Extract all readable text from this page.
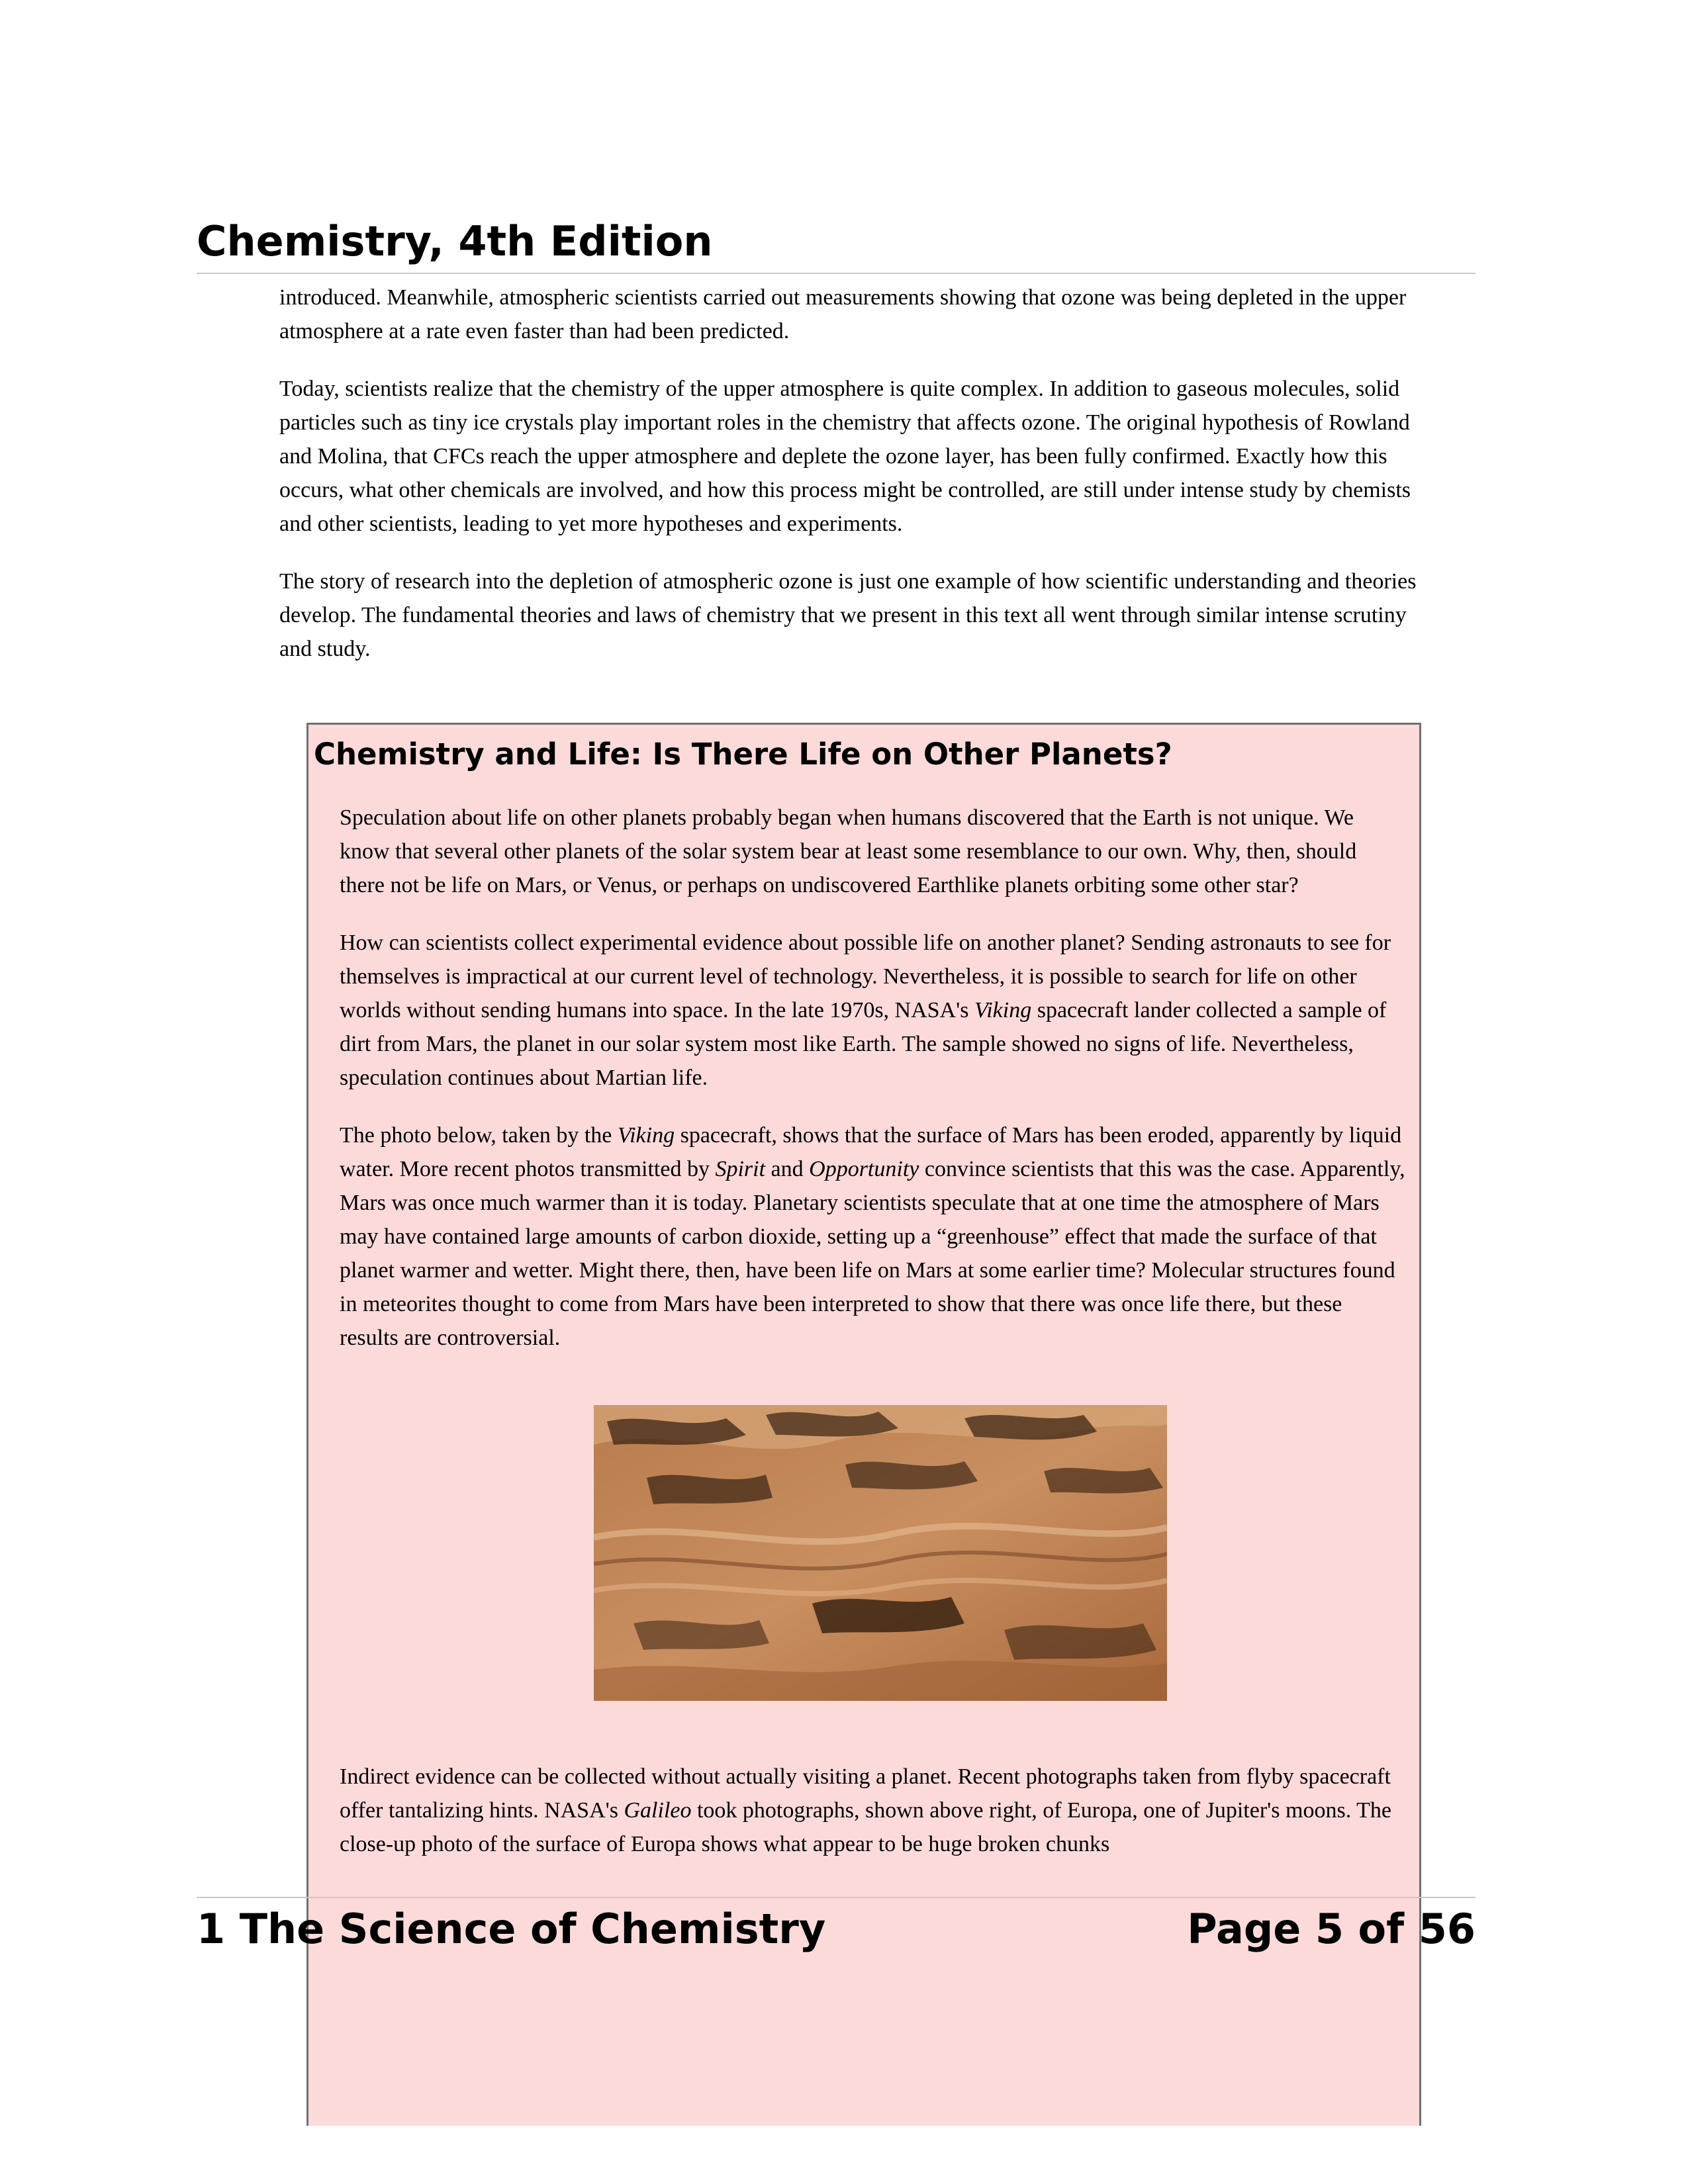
Chemistry, 4th Edition

introduced. Meanwhile, atmospheric scientists carried out measurements showing that ozone was being depleted in the upper atmosphere at a rate even faster than had been predicted.

Today, scientists realize that the chemistry of the upper atmosphere is quite complex. In addition to gaseous molecules, solid particles such as tiny ice crystals play important roles in the chemistry that affects ozone. The original hypothesis of Rowland and Molina, that CFCs reach the upper atmosphere and deplete the ozone layer, has been fully confirmed. Exactly how this occurs, what other chemicals are involved, and how this process might be controlled, are still under intense study by chemists and other scientists, leading to yet more hypotheses and experiments.

The story of research into the depletion of atmospheric ozone is just one example of how scientific understanding and theories develop. The fundamental theories and laws of chemistry that we present in this text all went through similar intense scrutiny and study.

Chemistry and Life: Is There Life on Other Planets?

Speculation about life on other planets probably began when humans discovered that the Earth is not unique. We know that several other planets of the solar system bear at least some resemblance to our own. Why, then, should there not be life on Mars, or Venus, or perhaps on undiscovered Earthlike planets orbiting some other star?

How can scientists collect experimental evidence about possible life on another planet? Sending astronauts to see for themselves is impractical at our current level of technology. Nevertheless, it is possible to search for life on other worlds without sending humans into space. In the late 1970s, NASA's Viking spacecraft lander collected a sample of dirt from Mars, the planet in our solar system most like Earth. The sample showed no signs of life. Nevertheless, speculation continues about Martian life.

The photo below, taken by the Viking spacecraft, shows that the surface of Mars has been eroded, apparently by liquid water. More recent photos transmitted by Spirit and Opportunity convince scientists that this was the case. Apparently, Mars was once much warmer than it is today. Planetary scientists speculate that at one time the atmosphere of Mars may have contained large amounts of carbon dioxide, setting up a “greenhouse” effect that made the surface of that planet warmer and wetter. Might there, then, have been life on Mars at some earlier time? Molecular structures found in meteorites thought to come from Mars have been interpreted to show that there was once life there, but these results are controversial.

Indirect evidence can be collected without actually visiting a planet. Recent photographs taken from flyby spacecraft offer tantalizing hints. NASA's Galileo took photographs, shown above right, of Europa, one of Jupiter's moons. The close-up photo of the surface of Europa shows what appear to be huge broken chunks

1 The Science of Chemistry	Page 5 of 56
